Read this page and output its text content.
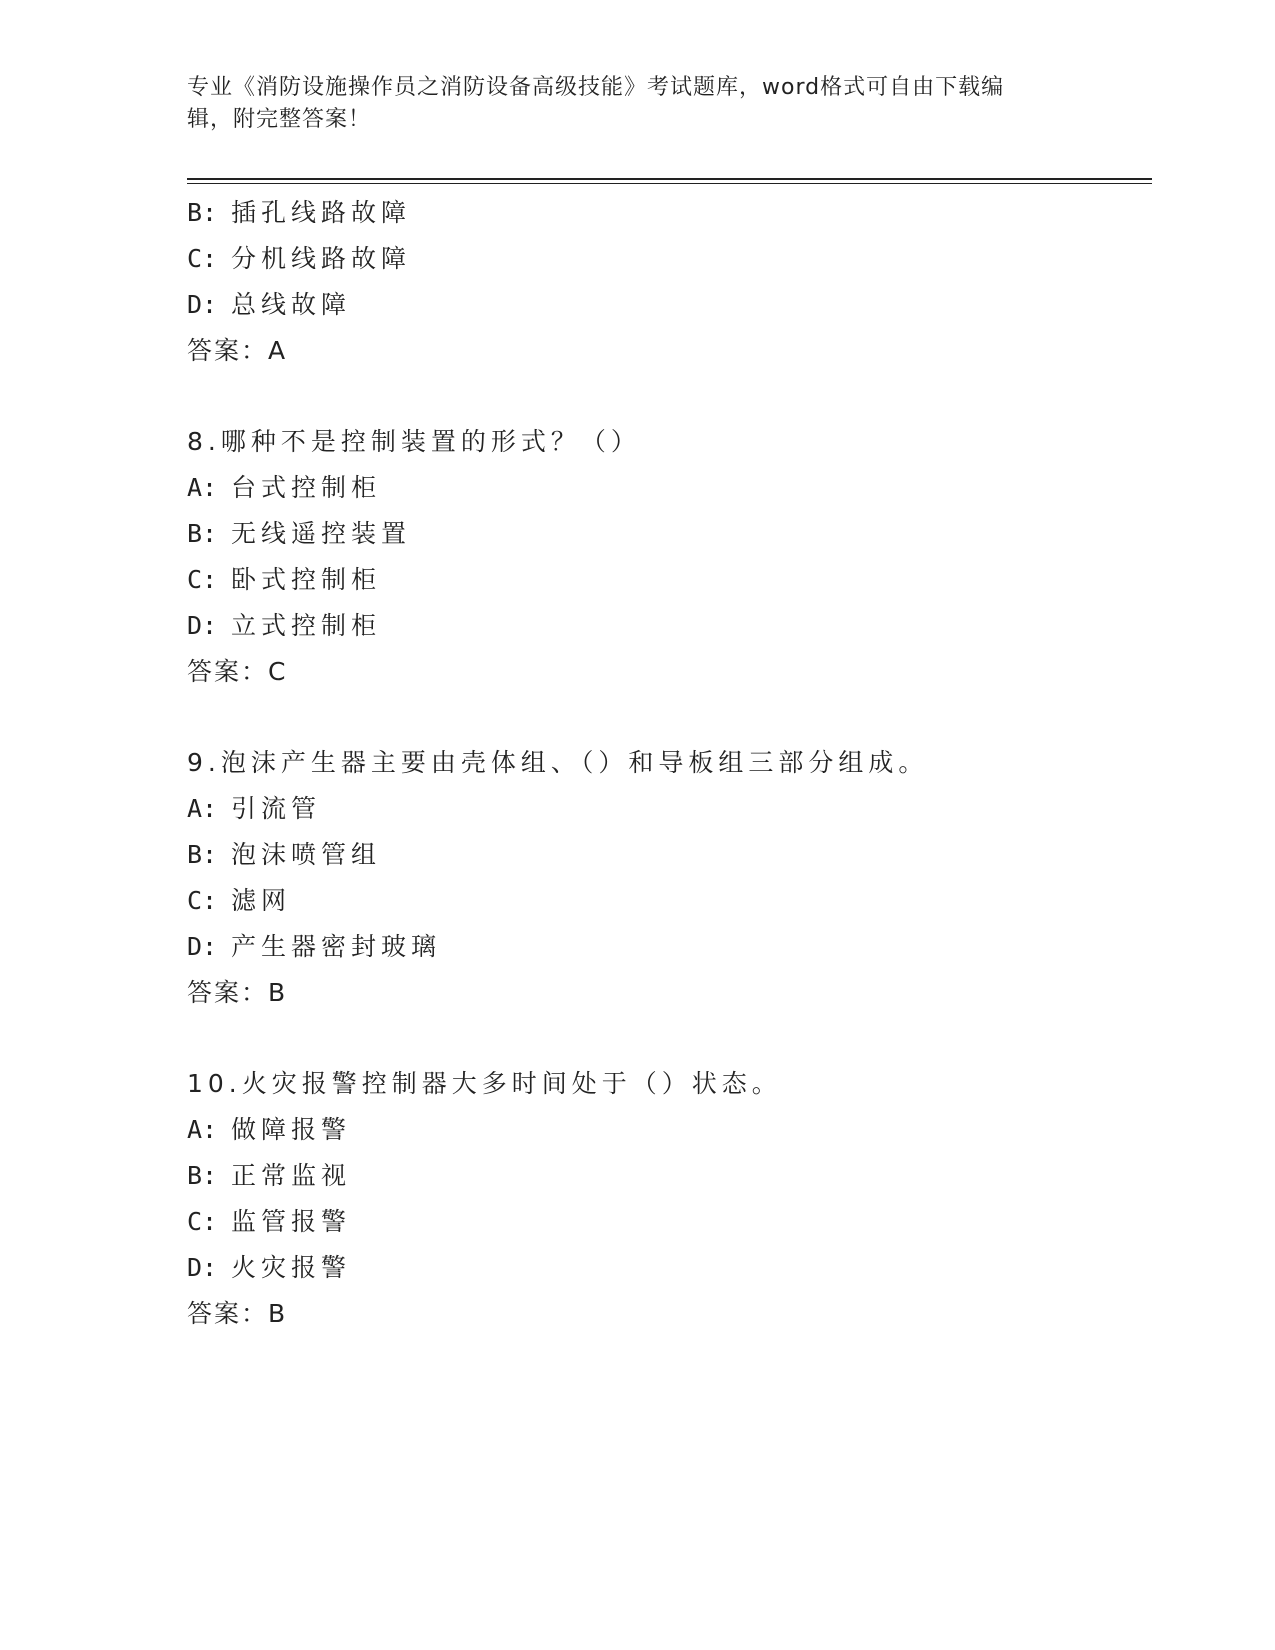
专业《消防设施操作员之消防设备高级技能》考试题库，word格式可自由下载编
辑，附完整答案！
B: 插孔线路故障
C: 分机线路故障
D: 总线故障
答案：A
8.哪种不是控制装置的形式？（）
A: 台式控制柜
B: 无线遥控装置
C: 卧式控制柜
D: 立式控制柜
答案：C
9.泡沫产生器主要由壳体组、（）和导板组三部分组成。
A: 引流管
B: 泡沫喷管组
C: 滤网
D: 产生器密封玻璃
答案：B
10.火灾报警控制器大多时间处于（）状态。
A: 做障报警
B: 正常监视
C: 监管报警
D: 火灾报警
答案：B
